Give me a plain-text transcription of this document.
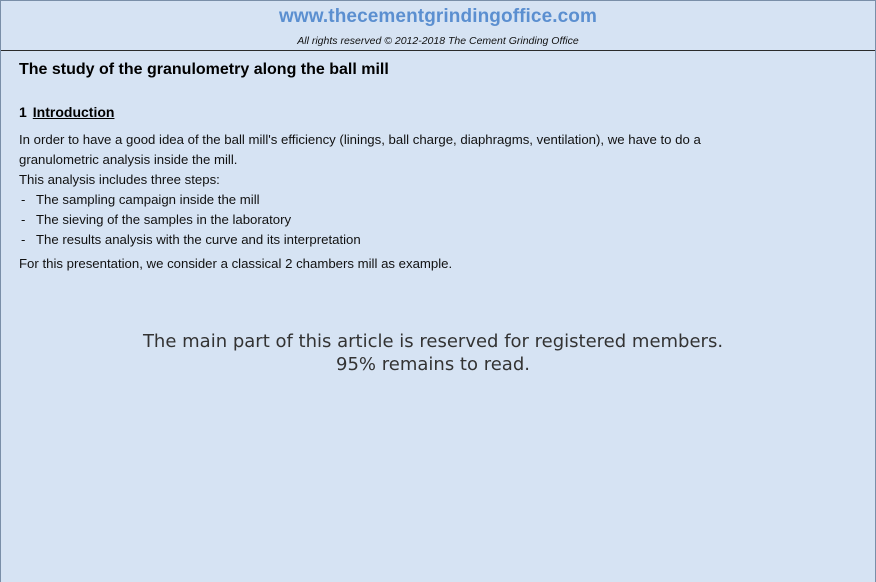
www.thecementgrindingoffice.com
All rights reserved © 2012-2018 The Cement Grinding Office
The study of the granulometry along the ball mill
1 Introduction

In order to have a good idea of the ball mill's efficiency (linings, ball charge, diaphragms, ventilation), we have to do a

granulometric analysis inside the mill.

This analysis includes three steps:

- The sampling campaign inside the mill
- The sieving of the samples in the laboratory
- The results analysis with the curve and its interpretation

For this presentation, we consider a classical 2 chambers mill as example.

The main part of this article is reserved for registered members.
95% remains to read.
